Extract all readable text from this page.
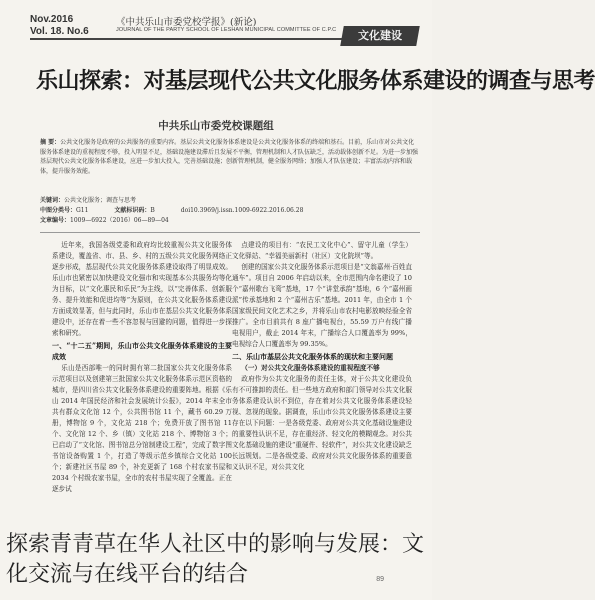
Nov.2016
Vol. 18. No.6
《中共乐山市委党校学报》(新论)
JOURNAL OF THE PARTY SCHOOL OF LESHAN MUNICIPAL COMMITTEE OF C.P.C	文化建设
乐山探索：对基层现代公共文化服务体系建设的调查与思考
中共乐山市委党校课题组
摘 要：公共文化服务是政府的公共服务的重要内容。基层公共文化服务体系建设是公共文化服务体系的终端和基石。目前，乐山市对公共文化服务体系建设的重视程度不够，投入明显不足，基础设施建设滞后且发展不平衡，管理机制和人才队伍缺乏，活动载体创新不足。为进一步加强基层现代公共文化服务体系建设，应进一步加大投入，完善基础设施；创新管理机制，健全服务网络；加强人才队伍建设；丰富活动内容和载体，提升服务效能。
关键词：公共文化服务；调查与思考
中图分类号：G11	文献标识码：B	doi10.3969/j.issn.1009-6922.2016.06.28
文章编号：1009—6922（2016）06—89—04

近年来，我国各级党委和政府均比较重视公共文化服务体系建设，覆盖省、市、县、乡、村的五级公共文化服务网络正逐步形成，基层现代公共文化服务体系建设取得了明显成效。乐山市也紧密以加快建设文化强市和实现基本公共服务均等化为目标，以“文化惠民和乐民”为主线，以“完善体系、创新服务、提升效能和促进均等”为原则，在公共文化服务体系建设方面成效显著，但与此同时，乐山市在基层公共文化服务体系建设中，还存在着一些不容忽视与回避的问题，值得进一步探索和研究。

一、“十二五”期间，乐山市公共文化服务体系建设的主要成效

乐山是西部唯一的同时拥有第二批国家公共文化服务体系示范项目以及创建第三批国家公共文化服务体系示范区资格的城市，是四川省公共文化服务体系建设的重要阵地。根据《乐山 2014 年国民经济和社会发展统计公报》，2014 年末全市共有群众文化馆 12 个，公共图书馆 11 个，藏书 60.29 万册，博物馆 9 个，文化站 218 个；免费开放了图书馆 11 个、文化馆 12 个、乡（镇）文化站 218 个、博物馆 3 个；已启动了“文化馆、图书馆总分馆制建设工程”，完成了数字图书馆设备购置 1 个，打造了等级示范乡镇综合文化站 100 个；新建社区书屋 89 个，补充更新了 168 个村农家书屋和 2034 个村级农家书屋，全市的农村书屋实现了全覆盖。正在逐步试

点建设的项目有：“农民工文化中心”、留守儿童（学生）文化驿站、“幸福美丽新村（社区）文化院坝”等。

创建的国家公共文化服务体系示范项目是“文翁嘉州·百姓直通车”。项目自 2006 年启动以来，全市范围内命名建设了 10 个“嘉州歌台飞鸾”基地，17 个“讲堂承韵”基地，6 个“嘉州画派”传承基地和 2 个“嘉州古乐”基地。2011 年，由全市 1 个国家级民间文化艺术之乡，并将乐山市农村电影放映经验全省推广。全市目前共有 8 座广播电视台，55.59 万户有线广播电视用户，截止 2014 年末，广播综合人口覆盖率为 99%，电视综合人口覆盖率为 99.35%。

二、乐山市基层公共文化服务体系的现状和主要问题

（一）对公共文化服务体系建设的重视程度不够

政府作为公共文化服务的责任主体，对于公共文化建设负有不可推卸的责任。但一些地方政府和部门领导对公共文化服务体系建设认识不到位，存在着对公共文化服务体系建设轻视、忽视的现象。据调查，乐山市公共文化服务体系建设主要存在以下问题：一是各级党委、政府对公共文化基础设施建设的重要性认识不足，存在重经济、轻文化的模糊观念。对公共文化基础设施的建设“重硬件、轻软件”，对公共文化建设缺乏长远规划。二是各级党委、政府对公共文化服务体系的重要意义认识不足，对公共文化

89
探索青青草在华人社区中的影响与发展：文化交流与在线平台的结合
